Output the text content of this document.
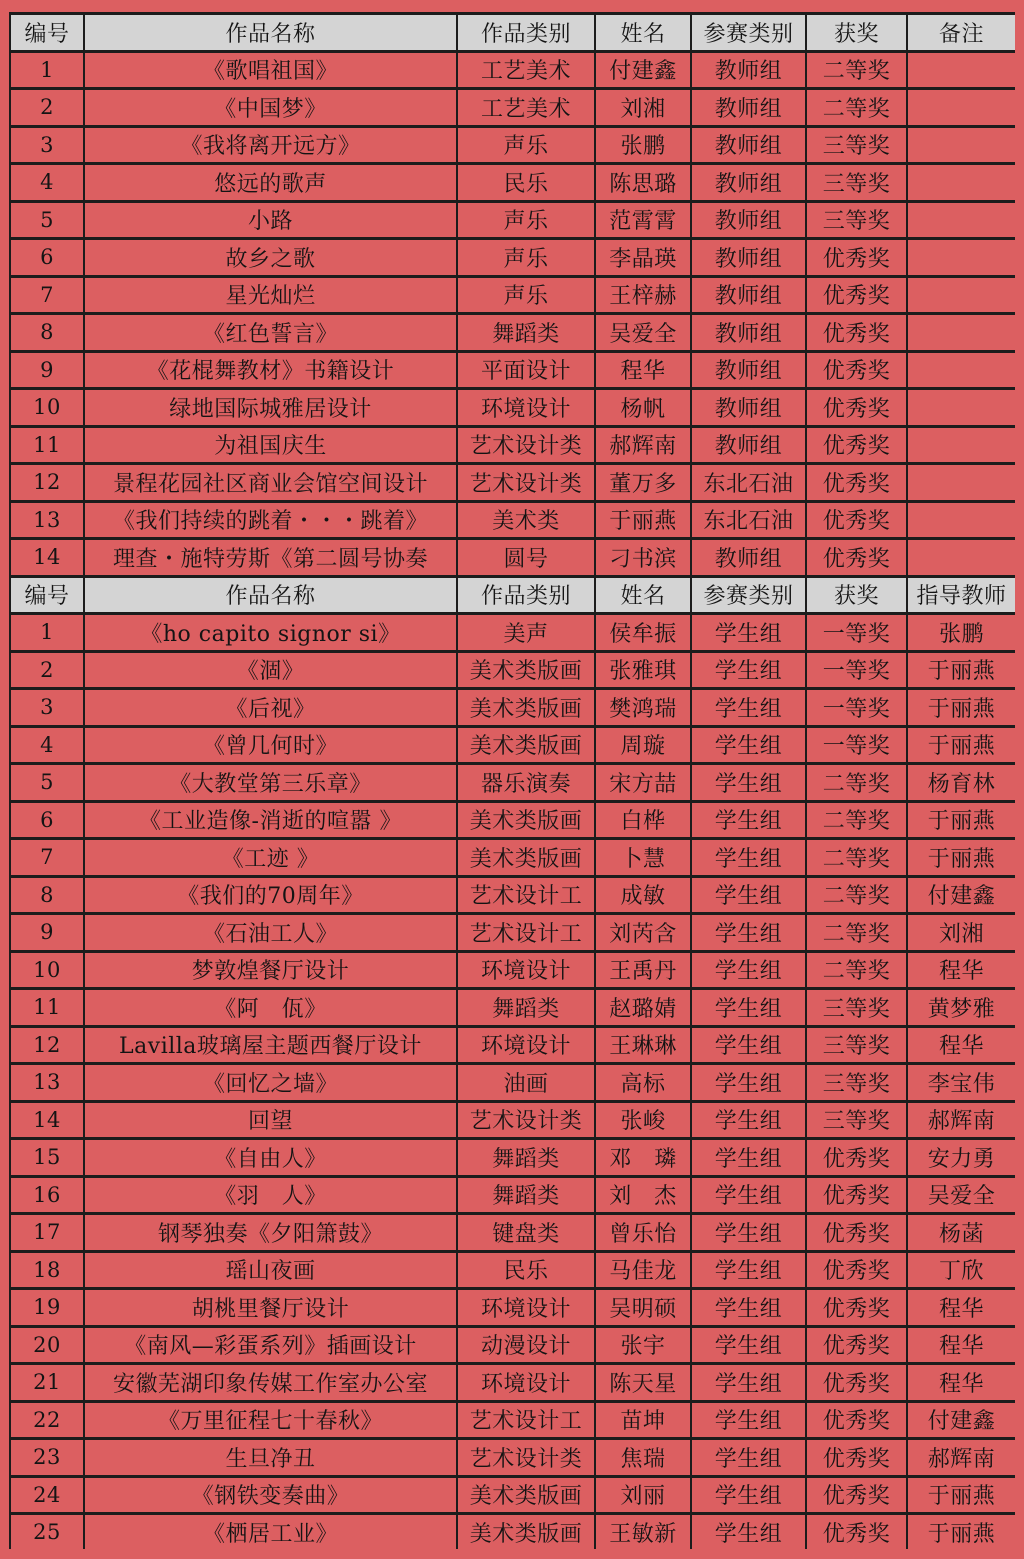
编号	作品名称	作品类别	姓名	参赛类别	获奖	备注
1	《歌唱祖国》	工艺美术	付建鑫	教师组	二等奖	
2	《中国梦》	工艺美术	刘湘	教师组	二等奖	
3	《我将离开远方》	声乐	张鹏	教师组	三等奖	
4	悠远的歌声	民乐	陈思璐	教师组	三等奖	
5	小路	声乐	范霄霄	教师组	三等奖	
6	故乡之歌	声乐	李晶瑛	教师组	优秀奖	
7	星光灿烂	声乐	王梓赫	教师组	优秀奖	
8	《红色誓言》	舞蹈类	吴爱全	教师组	优秀奖	
9	《花棍舞教材》书籍设计	平面设计	程华	教师组	优秀奖	
10	绿地国际城雅居设计	环境设计	杨帆	教师组	优秀奖	
11	为祖国庆生	艺术设计类	郝辉南	教师组	优秀奖	
12	景程花园社区商业会馆空间设计	艺术设计类	董万多	东北石油	优秀奖	
13	《我们持续的跳着・・・跳着》	美术类	于丽燕	东北石油	优秀奖	
14	理查・施特劳斯《第二圆号协奏	圆号	刁书滨	教师组	优秀奖	
编号	作品名称	作品类别	姓名	参赛类别	获奖	指导教师
1	《ho capito signor si》	美声	侯牟振	学生组	一等奖	张鹏
2	《涸》	美术类版画	张雅琪	学生组	一等奖	于丽燕
3	《后视》	美术类版画	樊鸿瑞	学生组	一等奖	于丽燕
4	《曾几何时》	美术类版画	周璇	学生组	一等奖	于丽燕
5	《大教堂第三乐章》	器乐演奏	宋方喆	学生组	二等奖	杨育林
6	《工业造像-消逝的喧嚣 》	美术类版画	白桦	学生组	二等奖	于丽燕
7	《工迹 》	美术类版画	卜慧	学生组	二等奖	于丽燕
8	《我们的70周年》	艺术设计工	成敏	学生组	二等奖	付建鑫
9	《石油工人》	艺术设计工	刘芮含	学生组	二等奖	刘湘
10	梦敦煌餐厅设计	环境设计	王禹丹	学生组	二等奖	程华
11	《阿　佤》	舞蹈类	赵璐婧	学生组	三等奖	黄梦雅
12	Lavilla玻璃屋主题西餐厅设计	环境设计	王琳琳	学生组	三等奖	程华
13	《回忆之墙》	油画	高标	学生组	三等奖	李宝伟
14	回望	艺术设计类	张峻	学生组	三等奖	郝辉南
15	《自由人》	舞蹈类	邓　璘	学生组	优秀奖	安力勇
16	《羽　人》	舞蹈类	刘　杰	学生组	优秀奖	吴爱全
17	钢琴独奏《夕阳箫鼓》	键盘类	曾乐怡	学生组	优秀奖	杨菡
18	瑶山夜画	民乐	马佳龙	学生组	优秀奖	丁欣
19	胡桃里餐厅设计	环境设计	吴明硕	学生组	优秀奖	程华
20	《南风—彩蛋系列》插画设计	动漫设计	张宇	学生组	优秀奖	程华
21	安徽芜湖印象传媒工作室办公室	环境设计	陈天星	学生组	优秀奖	程华
22	《万里征程七十春秋》	艺术设计工	苗坤	学生组	优秀奖	付建鑫
23	生旦净丑	艺术设计类	焦瑞	学生组	优秀奖	郝辉南
24	《钢铁变奏曲》	美术类版画	刘丽	学生组	优秀奖	于丽燕
25	《栖居工业》	美术类版画	王敏新	学生组	优秀奖	于丽燕
